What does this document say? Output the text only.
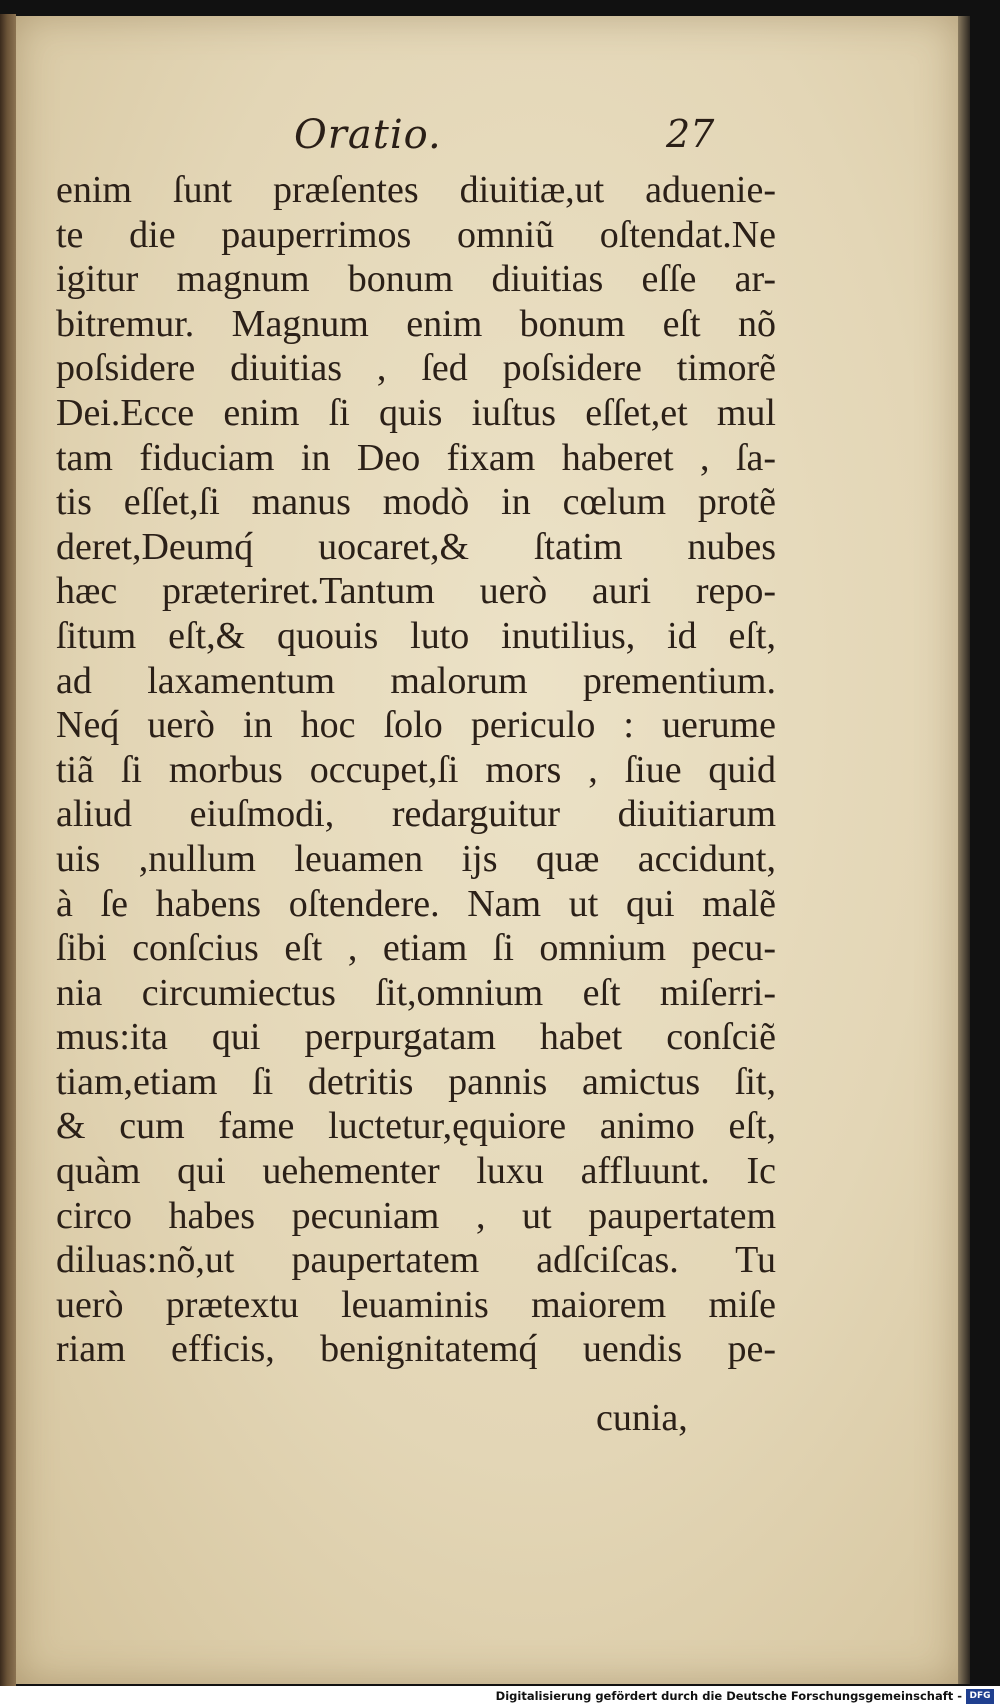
Oratio.	27
enim ſunt præſentes diuitiæ,ut aduenie-
te die pauperrimos omniũ oſtendat.Ne
igitur magnum bonum diuitias eſſe ar-
bitremur. Magnum enim bonum eſt nõ
poſsidere diuitias , ſed poſsidere timorẽ
Dei.Ecce enim ſi quis iuſtus eſſet,et mul
tam fiduciam in Deo fixam haberet , ſa-
tis eſſet,ſi manus modò in cœlum protẽ
deret,Deumq́ uocaret,& ſtatim nubes
hæc præteriret.Tantum uerò auri repo-
ſitum eſt,& quouis luto inutilius, id eſt,
ad laxamentum malorum prementium.
Neq́ uerò in hoc ſolo periculo : uerume
tiã ſi morbus occupet,ſi mors , ſiue quid
aliud eiuſmodi, redarguitur diuitiarum
uis ,nullum leuamen ijs quæ accidunt,
à ſe habens oſtendere. Nam ut qui malẽ
ſibi conſcius eſt , etiam ſi omnium pecu-
nia circumiectus ſit,omnium eſt miſerri-
mus:ita qui perpurgatam habet conſciẽ
tiam,etiam ſi detritis pannis amictus ſit,
& cum fame luctetur,ęquiore animo eſt,
quàm qui uehementer luxu affluunt. Ic
circo habes pecuniam , ut paupertatem
diluas:nõ,ut paupertatem adſciſcas. Tu
uerò prætextu leuaminis maiorem miſe
riam efficis, benignitatemq́ uendis pe-
cunia,
Digitalisierung gefördert durch die Deutsche Forschungsgemeinschaft - DFG
